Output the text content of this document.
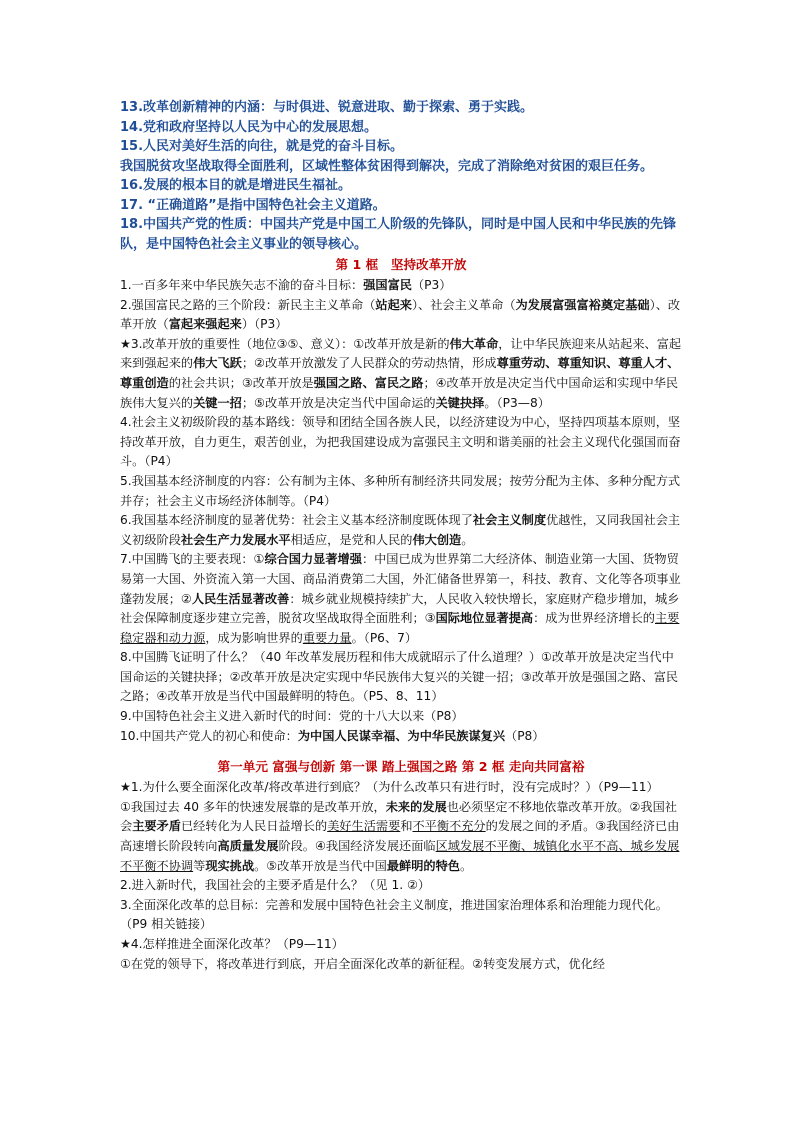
13.改革创新精神的内涵：与时俱进、锐意进取、勤于探索、勇于实践。
14.党和政府坚持以人民为中心的发展思想。
15.人民对美好生活的向往，就是党的奋斗目标。
我国脱贫攻坚战取得全面胜利，区域性整体贫困得到解决，完成了消除绝对贫困的艰巨任务。
16.发展的根本目的就是增进民生福祉。
17. “正确道路”是指中国特色社会主义道路。
18.中国共产党的性质：中国共产党是中国工人阶级的先锋队，同时是中国人民和中华民族的先锋队，是中国特色社会主义事业的领导核心。
第 1 框　坚持改革开放
1.一百多年来中华民族矢志不渝的奋斗目标：强国富民（P3）
2.强国富民之路的三个阶段：新民主主义革命（站起来）、社会主义革命（为发展富强富裕奠定基础）、改革开放（富起来强起来）（P3）
★3.改革开放的重要性（地位③⑤、意义）：①改革开放是新的伟大革命，让中华民族迎来从站起来、富起来到强起来的伟大飞跃；②改革开放激发了人民群众的劳动热情，形成尊重劳动、尊重知识、尊重人才、尊重创造的社会共识；③改革开放是强国之路、富民之路；④改革开放是决定当代中国命运和实现中华民族伟大复兴的关键一招；⑤改革开放是决定当代中国命运的关键抉择。（P3—8）
4.社会主义初级阶段的基本路线：领导和团结全国各族人民，以经济建设为中心，坚持四项基本原则，坚持改革开放，自力更生，艰苦创业，为把我国建设成为富强民主文明和谐美丽的社会主义现代化强国而奋斗。（P4）
5.我国基本经济制度的内容：公有制为主体、多种所有制经济共同发展；按劳分配为主体、多种分配方式并存；社会主义市场经济体制等。（P4）
6.我国基本经济制度的显著优势：社会主义基本经济制度既体现了社会主义制度优越性，又同我国社会主义初级阶段社会生产力发展水平相适应，是党和人民的伟大创造。
7.中国腾飞的主要表现：①综合国力显著增强：中国已成为世界第二大经济体、制造业第一大国、货物贸易第一大国、外资流入第一大国、商品消费第二大国，外汇储备世界第一，科技、教育、文化等各项事业蓬勃发展；②人民生活显著改善：城乡就业规模持续扩大，人民收入较快增长，家庭财产稳步增加，城乡社会保障制度逐步建立完善，脱贫攻坚战取得全面胜利；③国际地位显著提高：成为世界经济增长的主要稳定器和动力源，成为影响世界的重要力量。（P6、7）
8.中国腾飞证明了什么？（40 年改革发展历程和伟大成就昭示了什么道理？）①改革开放是决定当代中国命运的关键抉择；②改革开放是决定实现中华民族伟大复兴的关键一招；③改革开放是强国之路、富民之路；④改革开放是当代中国最鲜明的特色。（P5、8、11）
9.中国特色社会主义进入新时代的时间：党的十八大以来（P8）
10.中国共产党人的初心和使命：为中国人民谋幸福、为中华民族谋复兴（P8）
第一单元 富强与创新 第一课 踏上强国之路 第 2 框 走向共同富裕
★1.为什么要全面深化改革/将改革进行到底？（为什么改革只有进行时，没有完成时？）（P9—11）
①我国过去 40 多年的快速发展靠的是改革开放，未来的发展也必须坚定不移地依靠改革开放。②我国社会主要矛盾已经转化为人民日益增长的美好生活需要和不平衡不充分的发展之间的矛盾。③我国经济已由高速增长阶段转向高质量发展阶段。④我国经济发展还面临区域发展不平衡、城镇化水平不高、城乡发展不平衡不协调等现实挑战。⑤改革开放是当代中国最鲜明的特色。
2.进入新时代，我国社会的主要矛盾是什么？（见 1. ②）
3.全面深化改革的总目标：完善和发展中国特色社会主义制度，推进国家治理体系和治理能力现代化。（P9 相关链接）
★4.怎样推进全面深化改革？（P9—11）
①在党的领导下，将改革进行到底，开启全面深化改革的新征程。②转变发展方式，优化经
